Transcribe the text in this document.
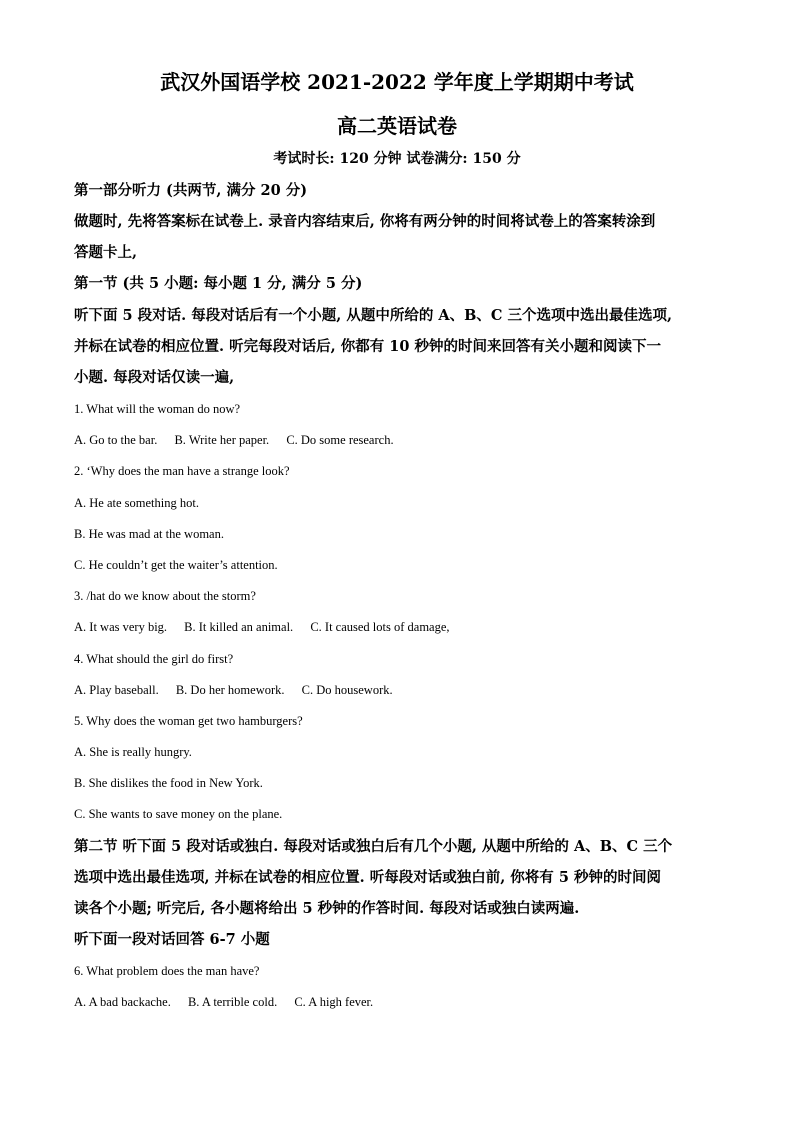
武汉外国语学校 2021-2022 学年度上学期期中考试
高二英语试卷
考试时长: 120 分钟 试卷满分: 150 分
第一部分听力 (共两节, 满分 20 分)
做题时, 先将答案标在试卷上. 录音内容结束后, 你将有两分钟的时间将试卷上的答案转涂到
答题卡上,
第一节 (共 5 小题: 每小题 1 分, 满分 5 分)
听下面 5 段对话. 每段对话后有一个小题, 从题中所给的 A、B、C 三个选项中选出最佳选项,
并标在试卷的相应位置. 听完每段对话后, 你都有 10 秒钟的时间来回答有关小题和阅读下一
小题. 每段对话仅读一遍,
1. What will the woman do now?
A. Go to the bar. B. Write her paper. C. Do some research.
2. ‘Why does the man have a strange look?
A. He ate something hot.
B. He was mad at the woman.
C. He couldn’t get the waiter’s attention.
3. /hat do we know about the storm?
A. It was very big. B. It killed an animal. C. It caused lots of damage,
4. What should the girl do first?
A. Play baseball. B. Do her homework. C. Do housework.
5. Why does the woman get two hamburgers?
A. She is really hungry.
B. She dislikes the food in New York.
C. She wants to save money on the plane.
第二节 听下面 5 段对话或独白. 每段对话或独白后有几个小题, 从题中所给的 A、B、C 三个
选项中选出最佳选项, 并标在试卷的相应位置. 听每段对话或独白前, 你将有 5 秒钟的时间阅
读各个小题; 听完后, 各小题将给出 5 秒钟的作答时间. 每段对话或独白读两遍.
听下面一段对话回答 6-7 小题
6. What problem does the man have?
A. A bad backache. B. A terrible cold. C. A high fever.
